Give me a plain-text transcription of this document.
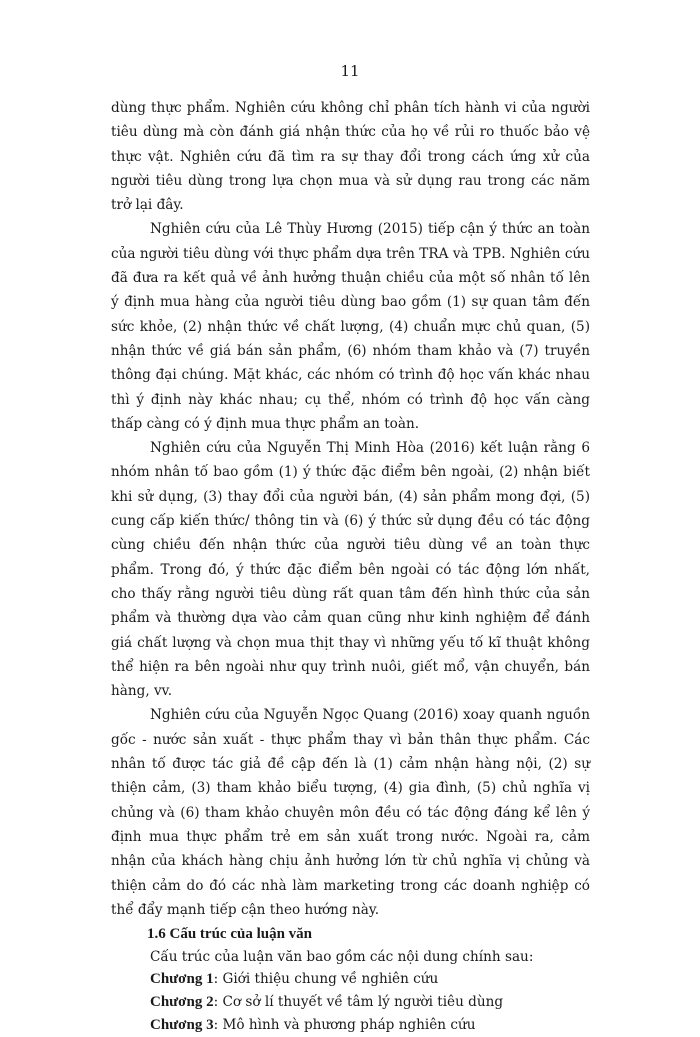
11

dùng thực phẩm. Nghiên cứu không chỉ phân tích hành vi của người tiêu dùng mà còn đánh giá nhận thức của họ về rủi ro thuốc bảo vệ thực vật. Nghiên cứu đã tìm ra sự thay đổi trong cách ứng xử của người tiêu dùng trong lựa chọn mua và sử dụng rau trong các năm trở lại đây.

Nghiên cứu của Lê Thùy Hương (2015) tiếp cận ý thức an toàn của người tiêu dùng với thực phẩm dựa trên TRA và TPB. Nghiên cứu đã đưa ra kết quả về ảnh hưởng thuận chiều của một số nhân tố lên ý định mua hàng của người tiêu dùng bao gồm (1) sự quan tâm đến sức khỏe, (2) nhận thức về chất lượng, (4) chuẩn mực chủ quan, (5) nhận thức về giá bán sản phẩm, (6) nhóm tham khảo và (7) truyền thông đại chúng. Mặt khác, các nhóm có trình độ học vấn khác nhau thì ý định này khác nhau; cụ thể, nhóm có trình độ học vấn càng thấp càng có ý định mua thực phẩm an toàn.

Nghiên cứu của Nguyễn Thị Minh Hòa (2016) kết luận rằng 6 nhóm nhân tố bao gồm (1) ý thức đặc điểm bên ngoài, (2) nhận biết khi sử dụng, (3) thay đổi của người bán, (4) sản phẩm mong đợi, (5) cung cấp kiến thức/ thông tin và (6) ý thức sử dụng đều có tác động cùng chiều đến nhận thức của người tiêu dùng về an toàn thực phẩm. Trong đó, ý thức đặc điểm bên ngoài có tác động lớn nhất, cho thấy rằng người tiêu dùng rất quan tâm đến hình thức của sản phẩm và thường dựa vào cảm quan cũng như kinh nghiệm để đánh giá chất lượng và chọn mua thịt thay vì những yếu tố kĩ thuật không thể hiện ra bên ngoài như quy trình nuôi, giết mổ, vận chuyển, bán hàng, vv.

Nghiên cứu của Nguyễn Ngọc Quang (2016) xoay quanh nguồn gốc - nước sản xuất - thực phẩm thay vì bản thân thực phẩm. Các nhân tố được tác giả đề cập đến là (1) cảm nhận hàng nội, (2) sự thiện cảm, (3) tham khảo biểu tượng, (4) gia đình, (5) chủ nghĩa vị chủng và (6) tham khảo chuyên môn đều có tác động đáng kể lên ý định mua thực phẩm trẻ em sản xuất trong nước. Ngoài ra, cảm nhận của khách hàng chịu ảnh hưởng lớn từ chủ nghĩa vị chủng và thiện cảm do đó các nhà làm marketing trong các doanh nghiệp có thể đẩy mạnh tiếp cận theo hướng này.

1.6 Cấu trúc của luận văn

Cấu trúc của luận văn bao gồm các nội dung chính sau:

Chương 1: Giới thiệu chung về nghiên cứu

Chương 2: Cơ sở lí thuyết về tâm lý người tiêu dùng

Chương 3: Mô hình và phương pháp nghiên cứu
